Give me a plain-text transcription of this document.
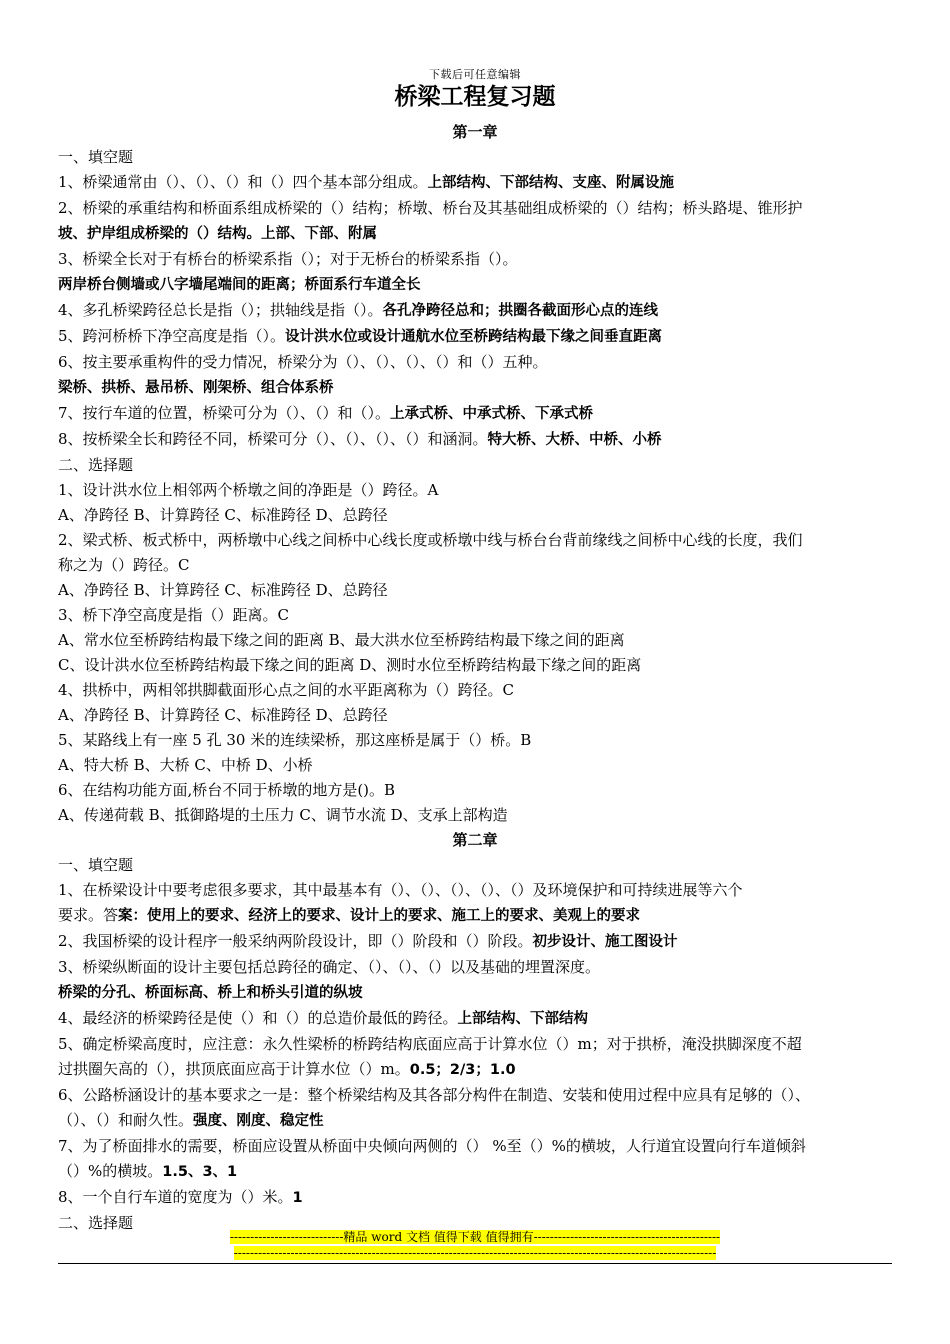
下载后可任意编辑
桥梁工程复习题
第一章
一、填空题
1、桥梁通常由（）、（）、（）和（）四个基本部分组成。上部结构、下部结构、支座、附属设施
2、桥梁的承重结构和桥面系组成桥梁的（）结构；桥墩、桥台及其基础组成桥梁的（）结构；桥头路堤、锥形护
坡、护岸组成桥梁的（）结构。上部、下部、附属
3、桥梁全长对于有桥台的桥梁系指（）；对于无桥台的桥梁系指（）。
两岸桥台侧墙或八字墙尾端间的距离；桥面系行车道全长
4、多孔桥梁跨径总长是指（）；拱轴线是指（）。各孔净跨径总和；拱圈各截面形心点的连线
5、跨河桥桥下净空高度是指（）。设计洪水位或设计通航水位至桥跨结构最下缘之间垂直距离
6、按主要承重构件的受力情况，桥梁分为（）、（）、（）、（）和（）五种。
梁桥、拱桥、悬吊桥、刚架桥、组合体系桥
7、按行车道的位置，桥梁可分为（）、（）和（）。上承式桥、中承式桥、下承式桥
8、按桥梁全长和跨径不同，桥梁可分（）、（）、（）、（）和涵洞。特大桥、大桥、中桥、小桥
二、选择题
1、设计洪水位上相邻两个桥墩之间的净距是（）跨径。A
A、净跨径 B、计算跨径 C、标准跨径 D、总跨径
2、梁式桥、板式桥中，两桥墩中心线之间桥中心线长度或桥墩中线与桥台台背前缘线之间桥中心线的长度，我们
称之为（）跨径。C
A、净跨径 B、计算跨径 C、标准跨径 D、总跨径
3、桥下净空高度是指（）距离。C
A、常水位至桥跨结构最下缘之间的距离 B、最大洪水位至桥跨结构最下缘之间的距离
C、设计洪水位至桥跨结构最下缘之间的距离 D、测时水位至桥跨结构最下缘之间的距离
4、拱桥中，两相邻拱脚截面形心点之间的水平距离称为（）跨径。C
A、净跨径 B、计算跨径 C、标准跨径 D、总跨径
5、某路线上有一座 5 孔 30 米的连续梁桥，那这座桥是属于（）桥。B
A、特大桥 B、大桥 C、中桥 D、小桥
6、在结构功能方面,桥台不同于桥墩的地方是()。B
A、传递荷载 B、抵御路堤的土压力 C、调节水流 D、支承上部构造
第二章
一、填空题
1、在桥梁设计中要考虑很多要求，其中最基本有（）、（）、（）、（）、（）及环境保护和可持续进展等六个
要求。答案：使用上的要求、经济上的要求、设计上的要求、施工上的要求、美观上的要求
2、我国桥梁的设计程序一般采纳两阶段设计，即（）阶段和（）阶段。初步设计、施工图设计
3、桥梁纵断面的设计主要包括总跨径的确定、（）、（）、（）以及基础的埋置深度。
桥梁的分孔、桥面标高、桥上和桥头引道的纵坡
4、最经济的桥梁跨径是使（）和（）的总造价最低的跨径。上部结构、下部结构
5、确定桥梁高度时，应注意：永久性梁桥的桥跨结构底面应高于计算水位（）m；对于拱桥，淹没拱脚深度不超
过拱圈矢高的（），拱顶底面应高于计算水位（）m。0.5；2/3；1.0
6、公路桥涵设计的基本要求之一是：整个桥梁结构及其各部分构件在制造、安装和使用过程中应具有足够的（）、
（）、（）和耐久性。强度、刚度、稳定性
7、为了桥面排水的需要，桥面应设置从桥面中央倾向两侧的（） %至（）%的横坡，人行道宜设置向行车道倾斜
（）%的横坡。1.5、3、1
8、一个自行车道的宽度为（）米。1
二、选择题
----------------------------精品 word 文档 值得下载 值得拥有----------------------------------------------
-----------------------------------------------------------------------------------------------------------------------
